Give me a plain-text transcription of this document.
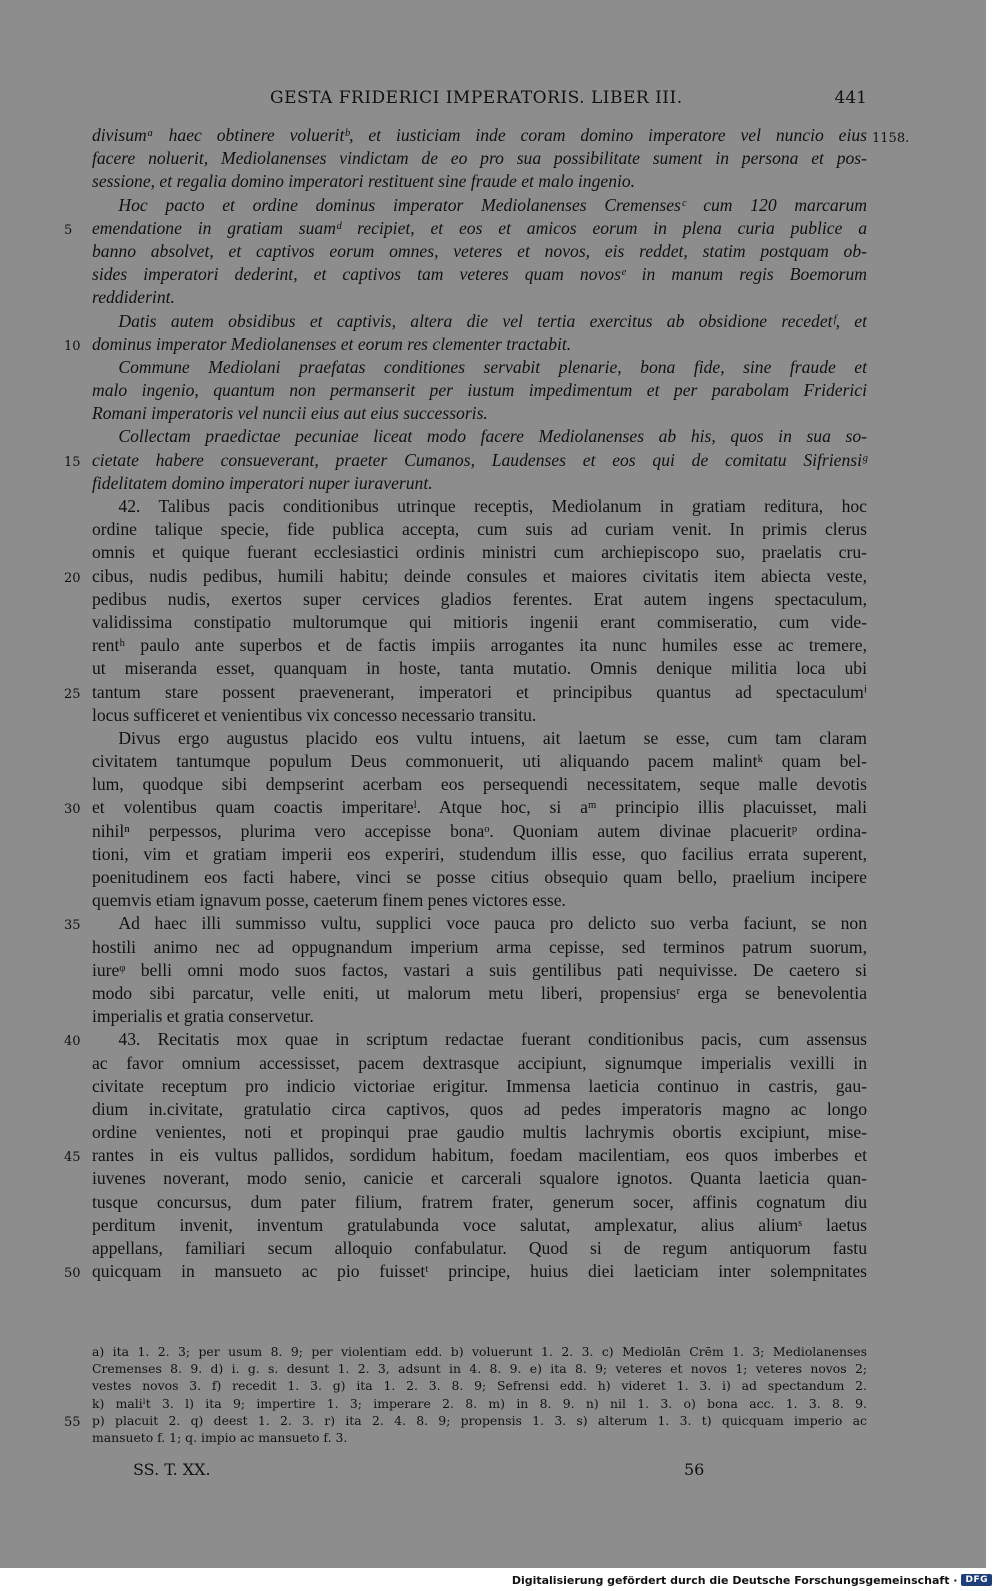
GESTA FRIDERICI IMPERATORIS. LIBER III.	441
1158.
divisumᵃ haec obtinere volueritᵇ, et iusticiam inde coram domino imperatore vel nuncio eius
facere noluerit, Mediolanenses vindictam de eo pro sua possibilitate sument in persona et pos-
sessione, et regalia domino imperatori restituent sine fraude et malo ingenio.
  Hoc pacto et ordine dominus imperator Mediolanenses Cremensesᶜ cum 120 marcarum
5 emendatione in gratiam suamᵈ recipiet, et eos et amicos eorum in plena curia publice a
banno absolvet, et captivos eorum omnes, veteres et novos, eis reddet, statim postquam ob-
sides imperatori dederint, et captivos tam veteres quam novosᵉ in manum regis Boemorum
reddiderint.
  Datis autem obsidibus et captivis, altera die vel tertia exercitus ab obsidione recedetᶠ, et
10 dominus imperator Mediolanenses et eorum res clementer tractabit.
  Commune Mediolani praefatas conditiones servabit plenarie, bona fide, sine fraude et
malo ingenio, quantum non permanserit per iustum impedimentum et per parabolam Friderici
Romani imperatoris vel nuncii eius aut eius successoris.
  Collectam praedictae pecuniae liceat modo facere Mediolanenses ab his, quos in sua so-
15 cietate habere consueverant, praeter Cumanos, Laudenses et eos qui de comitatu Sifriensiᵍ
fidelitatem domino imperatori nuper iuraverunt.
  42. Talibus pacis conditionibus utrinque receptis, Mediolanum in gratiam reditura, hoc
ordine talique specie, fide publica accepta, cum suis ad curiam venit. In primis clerus
omnis et quique fuerant ecclesiastici ordinis ministri cum archiepiscopo suo, praelatis cru-
20 cibus, nudis pedibus, humili habitu; deinde consules et maiores civitatis item abiecta veste,
pedibus nudis, exertos super cervices gladios ferentes. Erat autem ingens spectaculum,
validissima constipatio multorumque qui mitioris ingenii erant commiseratio, cum vide-
rentʰ paulo ante superbos et de factis impiis arrogantes ita nunc humiles esse ac tremere,
ut miseranda esset, quanquam in hoste, tanta mutatio. Omnis denique militia loca ubi
25 tantum stare possent praevenerant, imperatori et principibus quantus ad spectaculumⁱ
locus sufficeret et venientibus vix concesso necessario transitu.
  Divus ergo augustus placido eos vultu intuens, ait laetum se esse, cum tam claram
civitatem tantumque populum Deus commonuerit, uti aliquando pacem malintᵏ quam bel-
lum, quodque sibi dempserint acerbam eos persequendi necessitatem, seque malle devotis
30 et volentibus quam coactis imperitareˡ. Atque hoc, si aᵐ principio illis placuisset, mali
nihilⁿ perpessos, plurima vero accepisse bonaᵒ. Quoniam autem divinae placueritᵖ ordina-
tioni, vim et gratiam imperii eos experiri, studendum illis esse, quo facilius errata superent,
poenitudinem eos facti habere, vinci se posse citius obsequio quam bello, praelium incipere
quemvis etiam ignavum posse, caeterum finem penes victores esse.
35   Ad haec illi summisso vultu, supplici voce pauca pro delicto suo verba faciunt, se non
hostili animo nec ad oppugnandum imperium arma cepisse, sed terminos patrum suorum,
iureᵠ belli omni modo suos factos, vastari a suis gentilibus pati nequivisse. De caetero si
modo sibi parcatur, velle eniti, ut malorum metu liberi, propensiusʳ erga se benevolentia
imperialis et gratia conservetur.
40   43. Recitatis mox quae in scriptum redactae fuerant conditionibus pacis, cum assensus
ac favor omnium accessisset, pacem dextrasque accipiunt, signumque imperialis vexilli in
civitate receptum pro indicio victoriae erigitur. Immensa laeticia continuo in castris, gau-
dium in.civitate, gratulatio circa captivos, quos ad pedes imperatoris magno ac longo
ordine venientes, noti et propinqui prae gaudio multis lachrymis obortis excipiunt, mise-
45 rantes in eis vultus pallidos, sordidum habitum, foedam macilentiam, eos quos imberbes et
iuvenes noverant, modo senio, canicie et carcerali squalore ignotos. Quanta laeticia quan-
tusque concursus, dum pater filium, fratrem frater, generum socer, affinis cognatum diu
perditum invenit, inventum gratulabunda voce salutat, amplexatur, alius aliumˢ laetus
appellans, familiari secum alloquio confabulatur. Quod si de regum antiquorum fastu
50 quicquam in mansueto ac pio fuissetᵗ principe, huius diei laeticiam inter solempnitates
a) ita 1. 2. 3; per usum 8. 9; per violentiam edd. b) voluerunt 1. 2. 3. c) Mediolān Crēm 1. 3; Mediolanenses
Cremenses 8. 9. d) i. g. s. desunt 1. 2. 3, adsunt in 4. 8. 9. e) ita 8. 9; veteres et novos 1; veteres novos 2;
vestes novos 3. f) recedit 1. 3. g) ita 1. 2. 3. 8. 9; Sefrensi edd. h) videret 1. 3. i) ad spectandum 2.
k) maliˡt 3. l) ita 9; impertire 1. 3; imperare 2. 8. m) in 8. 9. n) nil 1. 3. o) bona acc. 1. 3. 8. 9.
55 p) placuit 2. q) deest 1. 2. 3. r) ita 2. 4. 8. 9; propensis 1. 3. s) alterum 1. 3. t) quicquam imperio ac
mansueto f. 1; q. impio ac mansueto f. 3.
SS. T. XX.	56
Digitalisierung gefördert durch die Deutsche Forschungsgemeinschaft · DFG
